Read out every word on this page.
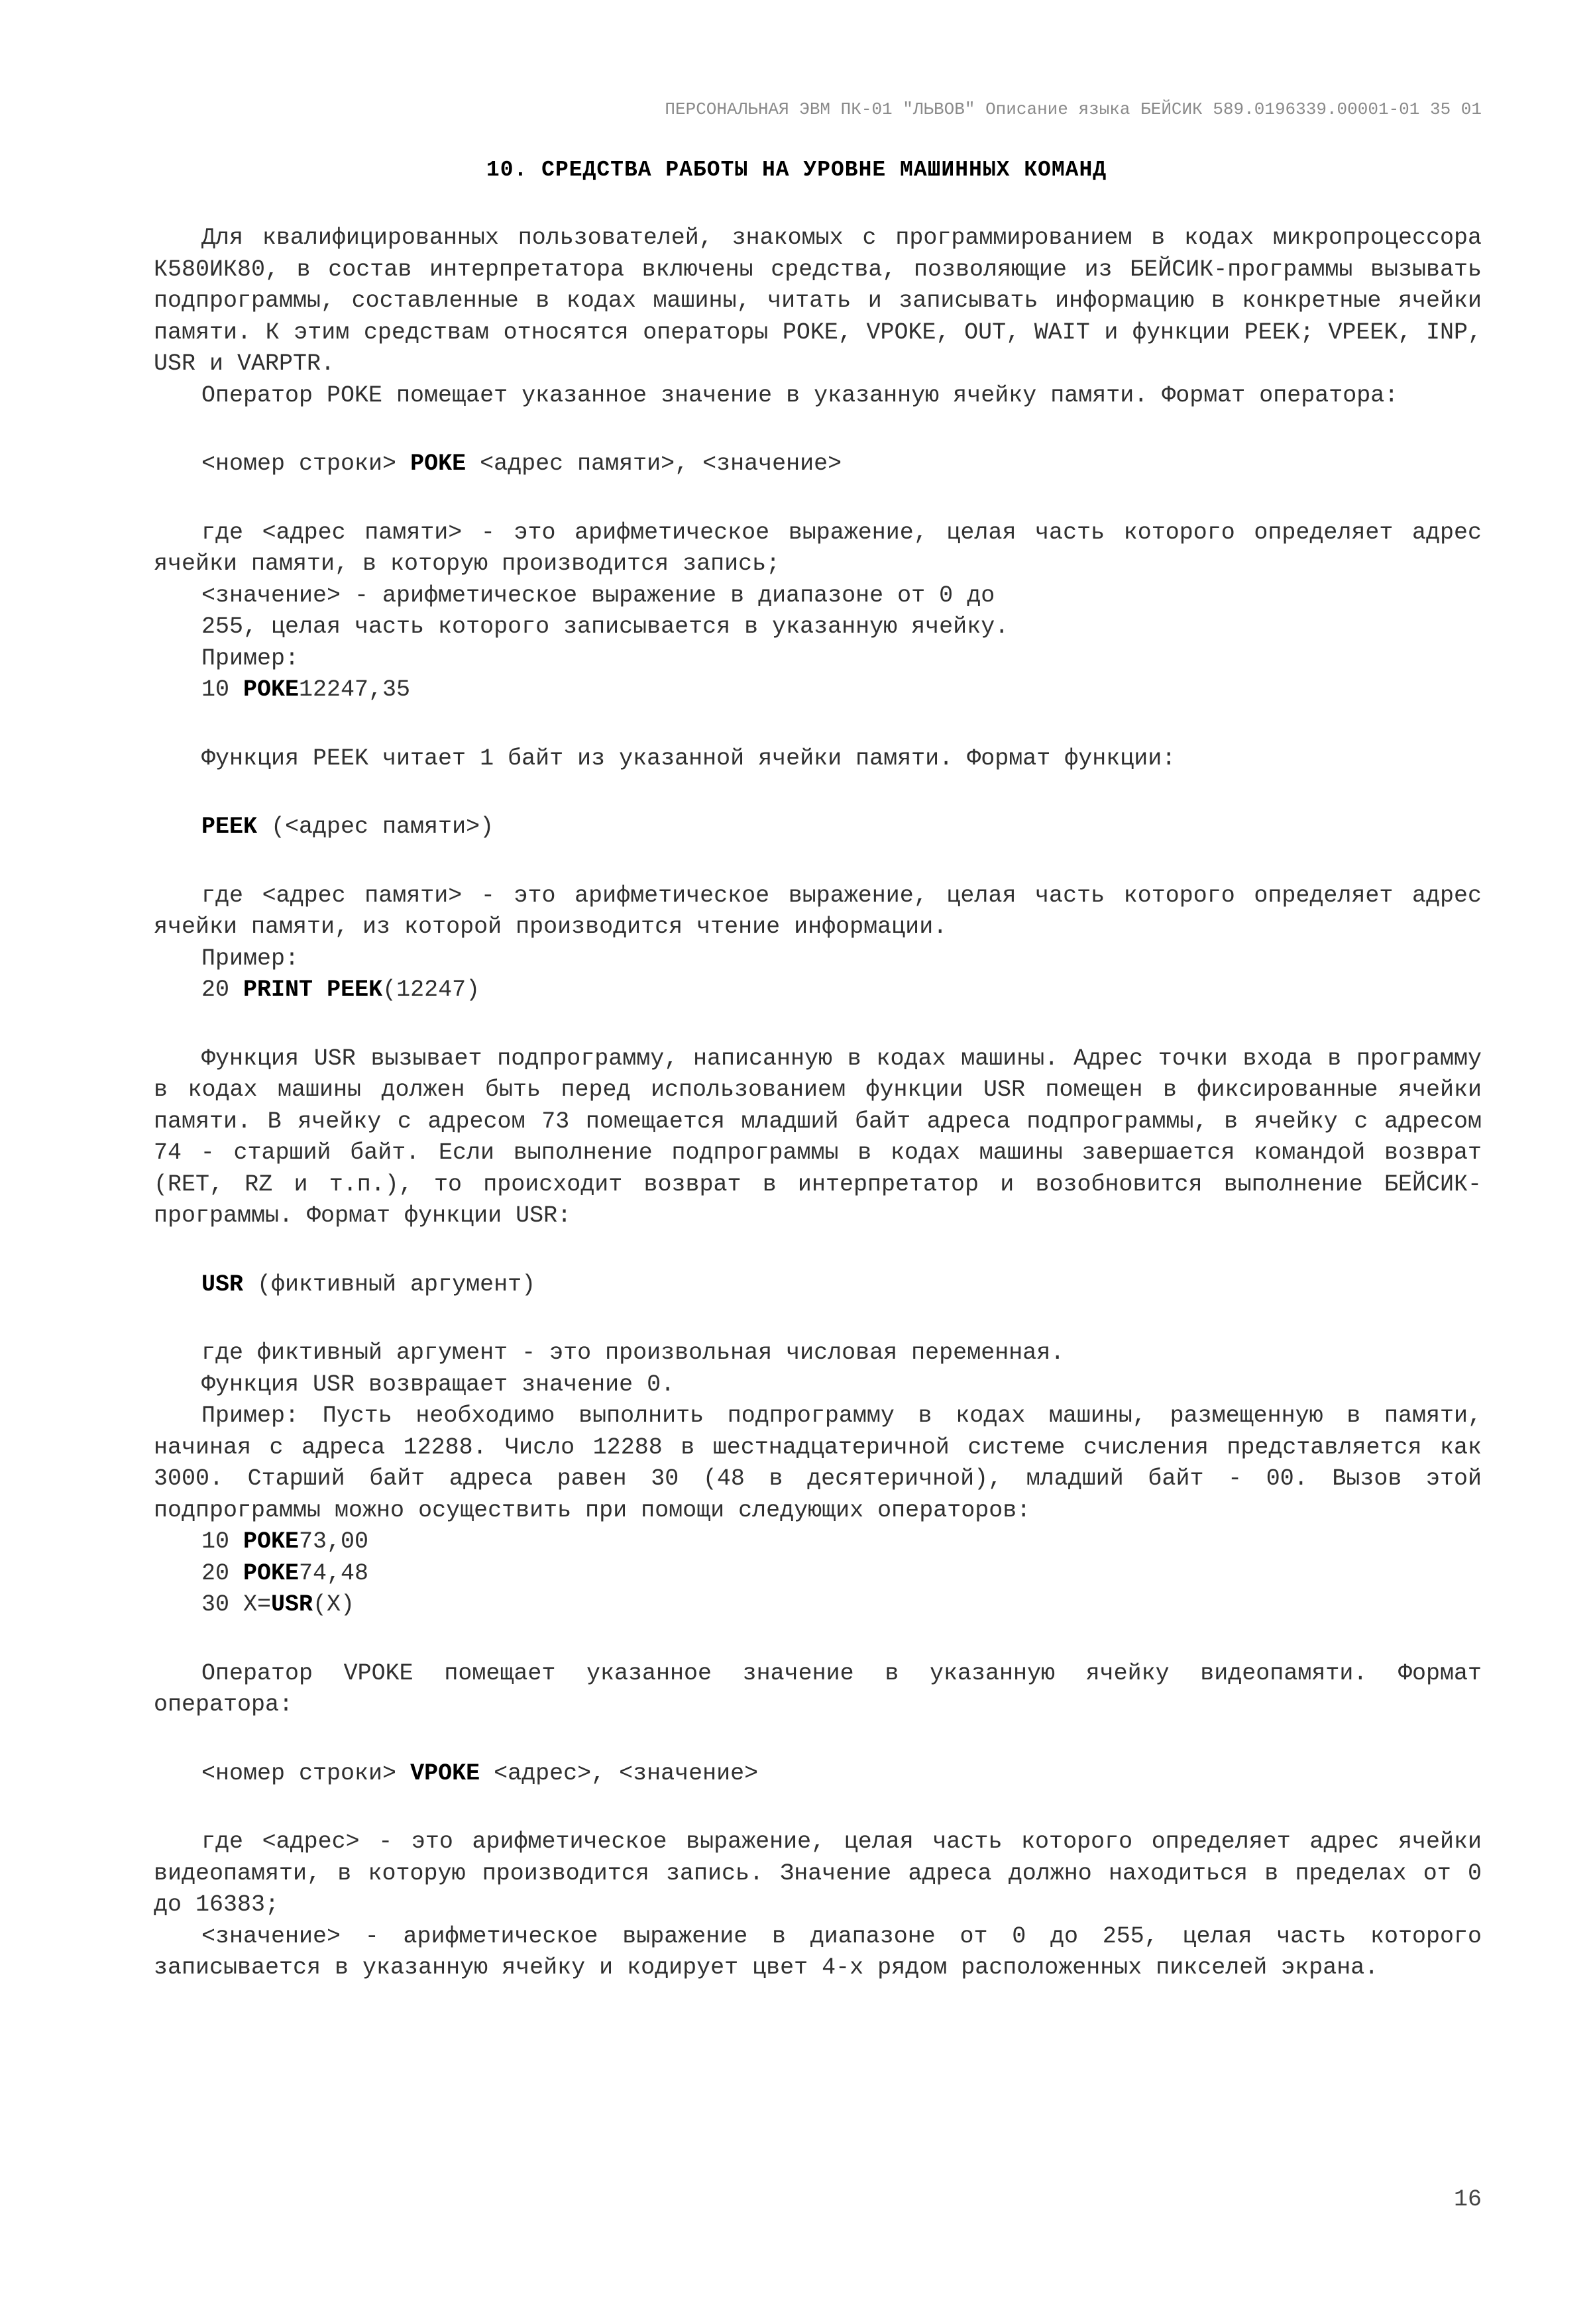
ПЕРСОНАЛЬНАЯ ЭВМ ПК-01 "ЛЬВОВ" Описание языка БЕЙСИК 589.0196339.00001-01 35 01
10. СРЕДСТВА РАБОТЫ НА УРОВНЕ МАШИННЫХ КОМАНД

Для квалифицированных пользователей, знакомых с программированием в кодах микропроцессора К580ИК80, в состав интерпретатора включены средства, позволяющие из БЕЙСИК-программы вызывать подпрограммы, составленные в кодах машины, читать и записывать информацию в конкретные ячейки памяти. К этим средствам относятся операторы POKE, VPOKE, OUT, WAIT и функции PEEK; VPEEK, INP, USR и VARPTR.

Оператор POKE помещает указанное значение в указанную ячейку памяти. Формат оператора:

<номер строки> POKE <адрес памяти>, <значение>

где <адрес памяти> - это арифметическое выражение, целая часть которого определяет адрес ячейки памяти, в которую производится запись;

<значение> - арифметическое выражение в диапазоне от 0 до

255, целая часть которого записывается в указанную ячейку.

Пример:

10 POKE12247,35

Функция PEEK читает 1 байт из указанной ячейки памяти. Формат функции:

PEEK (<адрес памяти>)

где <адрес памяти> - это арифметическое выражение, целая часть которого определяет адрес ячейки памяти, из которой производится чтение информации.

Пример:

20 PRINT PEEK(12247)

Функция USR вызывает подпрограмму, написанную в кодах машины. Адрес точки входа в программу в кодах машины должен быть перед использованием функции USR помещен в фиксированные ячейки памяти. В ячейку с адресом 73 помещается младший байт адреса подпрограммы, в ячейку с адресом 74 - старший байт. Если выполнение подпрограммы в кодах машины завершается командой возврат (RET, RZ и т.п.), то происходит возврат в интерпретатор и возобновится выполнение БЕЙСИК-программы. Формат функции USR:

USR (фиктивный аргумент)

где фиктивный аргумент - это произвольная числовая переменная.

Функция USR возвращает значение 0.

Пример: Пусть необходимо выполнить подпрограмму в кодах машины, размещенную в памяти, начиная с адреса 12288. Число 12288 в шестнадцатеричной системе счисления представляется как 3000. Старший байт адреса равен 30 (48 в десятеричной), младший байт - 00. Вызов этой подпрограммы можно осуществить при помощи следующих операторов:

10 POKE73,00

20 POKE74,48

30 X=USR(X)

Оператор VPOKE помещает указанное значение в указанную ячейку видеопамяти. Формат оператора:

<номер строки> VPOKE <адрес>, <значение>

где <адрес> - это арифметическое выражение, целая часть которого определяет адрес ячейки видеопамяти, в которую производится запись. Значение адреса должно находиться в пределах от 0 до 16383;

<значение> - арифметическое выражение в диапазоне от 0 до 255, целая часть которого записывается в указанную ячейку и кодирует цвет 4-х рядом расположенных пикселей экрана.

16
